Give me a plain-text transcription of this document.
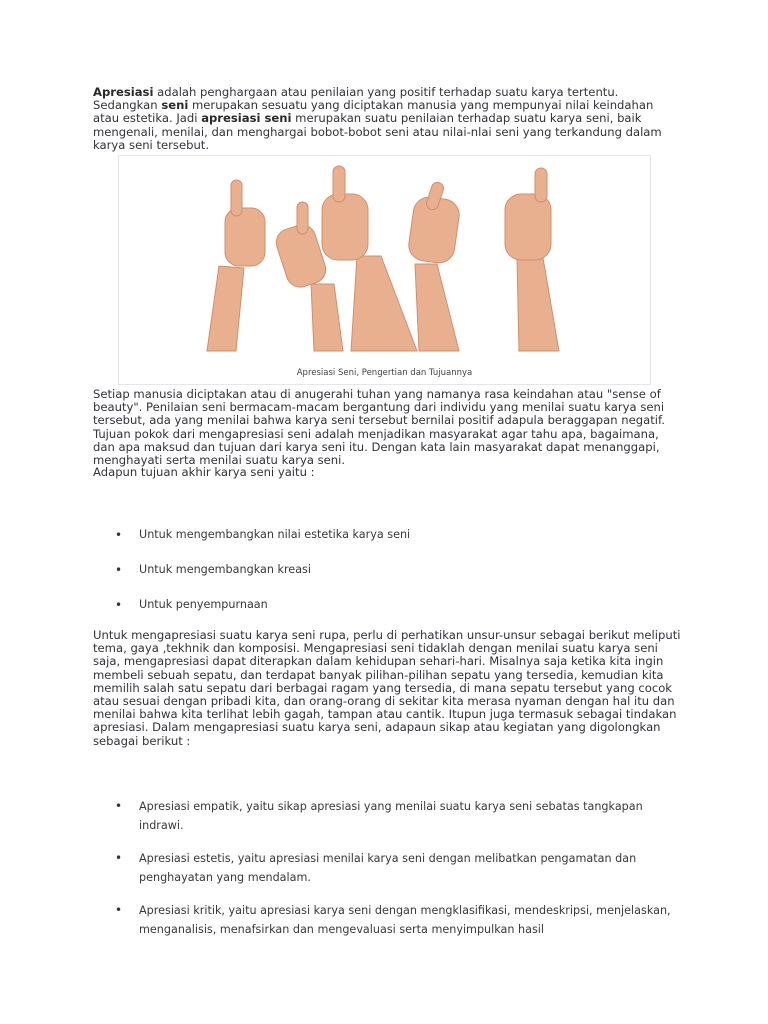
Apresiasi adalah penghargaan atau penilaian yang positif terhadap suatu karya tertentu. Sedangkan seni merupakan sesuatu yang diciptakan manusia yang mempunyai nilai keindahan atau estetika. Jadi apresiasi seni merupakan suatu penilaian terhadap suatu karya seni, baik mengenali, menilai, dan menghargai bobot-bobot seni atau nilai-nlai seni yang terkandung dalam karya seni tersebut.

Apresiasi Seni, Pengertian dan Tujuannya

Setiap manusia diciptakan atau di anugerahi tuhan yang namanya rasa keindahan atau "sense of beauty". Penilaian seni bermacam-macam bergantung dari individu yang menilai suatu karya seni tersebut, ada yang menilai bahwa karya seni tersebut bernilai positif adapula beraggapan negatif. Tujuan pokok dari mengapresiasi seni adalah menjadikan masyarakat agar tahu apa, bagaimana, dan apa maksud dan tujuan dari karya seni itu. Dengan kata lain masyarakat dapat menanggapi, menghayati serta menilai suatu karya seni.

Adapun tujuan akhir karya seni yaitu :

• Untuk mengembangkan nilai estetika karya seni
• Untuk mengembangkan kreasi
• Untuk penyempurnaan

Untuk mengapresiasi suatu karya seni rupa, perlu di perhatikan unsur-unsur sebagai berikut meliputi tema, gaya ,tekhnik dan komposisi. Mengapresiasi seni tidaklah dengan menilai suatu karya seni saja, mengapresiasi dapat diterapkan dalam kehidupan sehari-hari. Misalnya saja ketika kita ingin membeli sebuah sepatu, dan terdapat banyak pilihan-pilihan sepatu yang tersedia, kemudian kita memilih salah satu sepatu dari berbagai ragam yang tersedia, di mana sepatu tersebut yang cocok atau sesuai dengan pribadi kita, dan orang-orang di sekitar kita merasa nyaman dengan hal itu dan menilai bahwa kita terlihat lebih gagah, tampan atau cantik. Itupun juga termasuk sebagai tindakan apresiasi. Dalam mengapresiasi suatu karya seni, adapaun sikap atau kegiatan yang digolongkan sebagai berikut :

• Apresiasi empatik, yaitu sikap apresiasi yang menilai suatu karya seni sebatas tangkapan indrawi.
• Apresiasi estetis, yaitu apresiasi menilai karya seni dengan melibatkan pengamatan dan penghayatan yang mendalam.
• Apresiasi kritik, yaitu apresiasi karya seni dengan mengklasifikasi, mendeskripsi, menjelaskan, menganalisis, menafsirkan dan mengevaluasi serta menyimpulkan hasil
